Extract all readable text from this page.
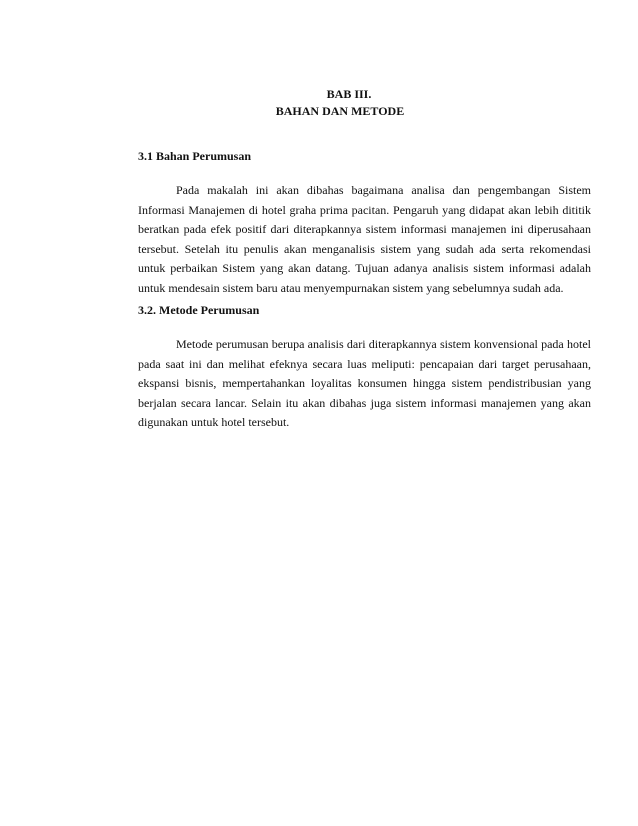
BAB III.
BAHAN DAN METODE

3.1 Bahan Perumusan

Pada makalah ini akan dibahas bagaimana analisa dan pengembangan Sistem Informasi Manajemen di hotel graha prima pacitan. Pengaruh yang didapat akan lebih dititik beratkan pada efek positif dari diterapkannya sistem informasi manajemen ini diperusahaan tersebut. Setelah itu penulis akan menganalisis sistem yang sudah ada serta rekomendasi untuk perbaikan Sistem yang akan datang. Tujuan adanya analisis sistem informasi adalah untuk mendesain sistem baru atau menyempurnakan sistem yang sebelumnya sudah ada.

3.2. Metode Perumusan

Metode perumusan berupa analisis dari diterapkannya sistem konvensional pada hotel pada saat ini dan melihat efeknya secara luas meliputi: pencapaian dari target perusahaan, ekspansi bisnis, mempertahankan loyalitas konsumen hingga sistem pendistribusian yang berjalan secara lancar. Selain itu akan dibahas juga sistem informasi manajemen yang akan digunakan untuk hotel tersebut.
